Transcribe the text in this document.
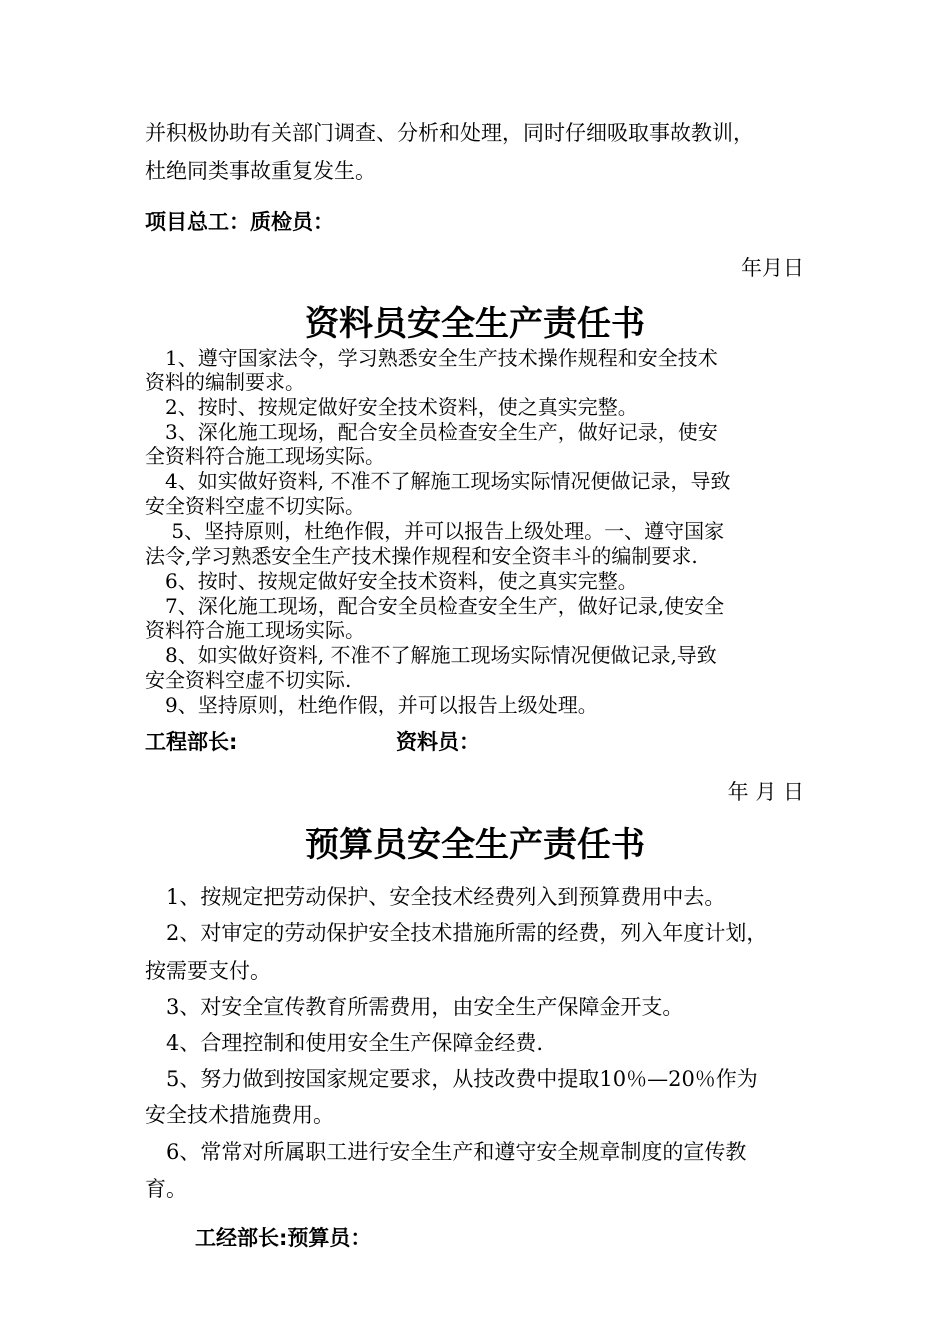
并积极协助有关部门调查、分析和处理，同时仔细吸取事故教训，
杜绝同类事故重复发生。
项目总工：质检员：
年月日
资料员安全生产责任书
　1、遵守国家法令，学习熟悉安全生产技术操作规程和安全技术
资料的编制要求。
　2、按时、按规定做好安全技术资料，使之真实完整。
　3、深化施工现场，配合安全员检查安全生产，做好记录，使安
全资料符合施工现场实际。
　4、如实做好资料, 不准不了解施工现场实际情况便做记录，导致
安全资料空虚不切实际。
　 5、坚持原则，杜绝作假，并可以报告上级处理。一、遵守国家
法令,学习熟悉安全生产技术操作规程和安全资丰斗的编制要求.
　6、按时、按规定做好安全技术资料，使之真实完整。
　7、深化施工现场，配合安全员检查安全生产，做好记录,使安全
资料符合施工现场实际。
　8、如实做好资料, 不准不了解施工现场实际情况便做记录,导致
安全资料空虚不切实际.
　9、坚持原则，杜绝作假，并可以报告上级处理。
工程部长:	资料员：
年 月 日
预算员安全生产责任书
　1、按规定把劳动保护、安全技术经费列入到预算费用中去。
　2、对审定的劳动保护安全技术措施所需的经费，列入年度计划，
按需要支付。
　3、对安全宣传教育所需费用，由安全生产保障金开支。
　4、合理控制和使用安全生产保障金经费.
　5、努力做到按国家规定要求，从技改费中提取10％—20％作为
安全技术措施费用。
　6、常常对所属职工进行安全生产和遵守安全规章制度的宣传教
育。
工经部长:预算员：
